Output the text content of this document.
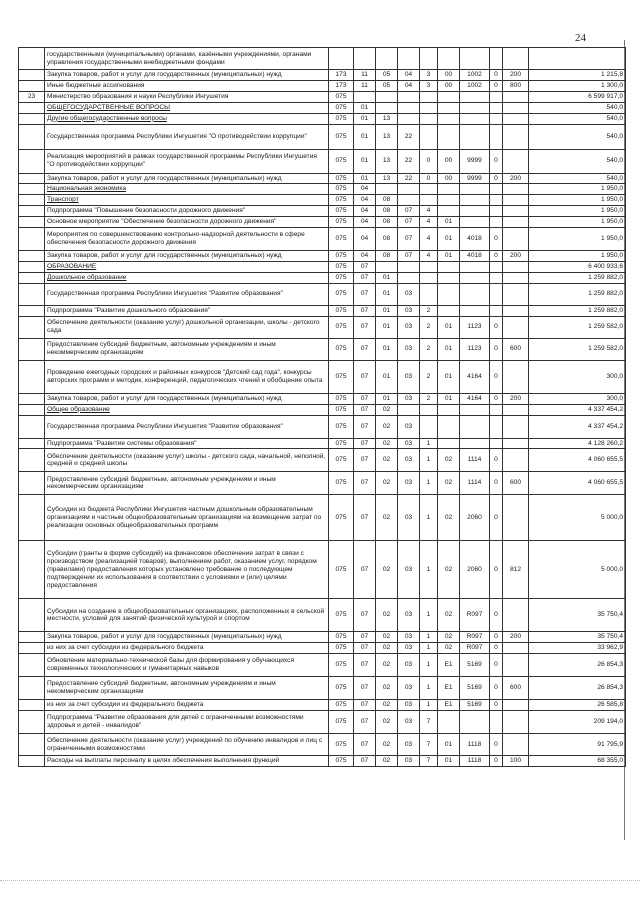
24
	государственными (муниципальными) органами, казёнными учреждениями, органами управления государственными внебюджетными фондами										
	Закупка товаров, работ и услуг для государственных (муниципальных) нужд	173	11	05	04	3	00	1002	0	200	1 215,8
	Иные бюджетные ассигнования	173	11	05	04	3	00	1002	0	800	1 300,0
23	Министерство образования и науки Республики Ингушетия	075									6 599 917,0
	ОБЩЕГОСУДАРСТВЕННЫЕ ВОПРОСЫ	075	01								540,0
	Другие общегосударственные вопросы	075	01	13							540,0
	Государственная программа Республики Ингушетия "О противодействии коррупции"	075	01	13	22						540,0
	Реализация мероприятий в рамках государственной программы Республики Ингушетия "О противодействии коррупции"	075	01	13	22	0	00	9999	0		540,0
	Закупка товаров, работ и услуг для государственных (муниципальных) нужд	075	01	13	22	0	00	9999	0	200	540,0
	Национальная экономика	075	04								1 950,0
	Транспорт	075	04	08							1 950,0
	Подпрограмма "Повышение безопасности дорожного движения"	075	04	08	07	4					1 950,0
	Основное мероприятие "Обеспечение безопасности дорожного движения"	075	04	08	07	4	01				1 950,0
	Мероприятия по совершенствованию контрольно-надзорной деятельности в сфере обеспечения безопасности дорожного движения	075	04	08	07	4	01	4018	0		1 950,0
	Закупка товаров, работ и услуг для государственных (муниципальных) нужд	075	04	08	07	4	01	4018	0	200	1 950,0
	ОБРАЗОВАНИЕ	075	07								6 400 933,6
	Дошкольное образование	075	07	01							1 259 882,0
	Государственная программа Республики Ингушетия "Развитие образования"	075	07	01	03						1 259 882,0
	Подпрограмма "Развитие дошкольного образования"	075	07	01	03	2					1 259 882,0
	Обеспечение деятельности (оказание услуг) дошкольной организации, школы - детского сада	075	07	01	03	2	01	1123	0		1 259 582,0
	Предоставление субсидий бюджетным, автономным учреждениям и иным некоммерческим организациям	075	07	01	03	2	01	1123	0	600	1 259 582,0
	Проведение ежегодных городских и районных конкурсов "Детский сад года", конкурсы авторских программ и методик, конференций, педагогических чтений и обобщение опыта	075	07	01	03	2	01	4164	0		300,0
	Закупка товаров, работ и услуг для государственных (муниципальных) нужд	075	07	01	03	2	01	4164	0	200	300,0
	Общее образование	075	07	02							4 337 454,2
	Государственная программа Республики Ингушетия "Развитие образования"	075	07	02	03						4 337 454,2
	Подпрограмма "Развитие системы образования"	075	07	02	03	1					4 128 260,2
	Обеспечение деятельности (оказание услуг) школы - детского сада, начальной, неполной, средней и средней школы	075	07	02	03	1	02	1114	0		4 060 655,5
	Предоставление субсидий бюджетным, автономным учреждениям и иным некоммерческим организациям	075	07	02	03	1	02	1114	0	600	4 060 655,5
	Субсидии из бюджета Республики Ингушетия частным дошкольным образовательным организациям и частным общеобразовательным организациям на возмещение затрат по реализации основных общеобразовательных программ	075	07	02	03	1	02	2060	0		5 000,0
	Субсидии (гранты в форме субсидий) на финансовое обеспечение затрат в связи с производством (реализацией товаров), выполнением работ, оказанием услуг, порядком (правилами) предоставления которых установлено требование о последующем подтверждении их использования в соответствии с условиями и (или) целями предоставления	075	07	02	03	1	02	2060	0	812	5 000,0
	Субсидии на создание в общеобразовательных организациях, расположенных в сельской местности, условий для занятий физической культурой и спортом	075	07	02	03	1	02	R097	0		35 750,4
	Закупка товаров, работ и услуг для государственных (муниципальных) нужд	075	07	02	03	1	02	R097	0	200	35 750,4
	из них за счет субсидии из федерального бюджета	075	07	02	03	1	02	R097	0		33 962,9
	Обновление материально-технической базы для формирования у обучающихся современных технологических и гуманитарных навыков	075	07	02	03	1	E1	5169	0		26 854,3
	Предоставление субсидий бюджетным, автономным учреждениям и иным некоммерческим организациям	075	07	02	03	1	E1	5169	0	600	26 854,3
	из них за счет субсидии из федерального бюджета	075	07	02	03	1	E1	5169	0		26 585,8
	Подпрограмма "Развитие образования для детей с ограниченными возможностями здоровья и детей - инвалидов"	075	07	02	03	7					209 194,0
	Обеспечение деятельности (оказание услуг) учреждений по обучению инвалидов и лиц с ограниченными возможностями	075	07	02	03	7	01	1118	0		91 795,9
	Расходы на выплаты персоналу в целях обеспечения выполнения функций	075	07	02	03	7	01	1118	0	100	68 355,0
